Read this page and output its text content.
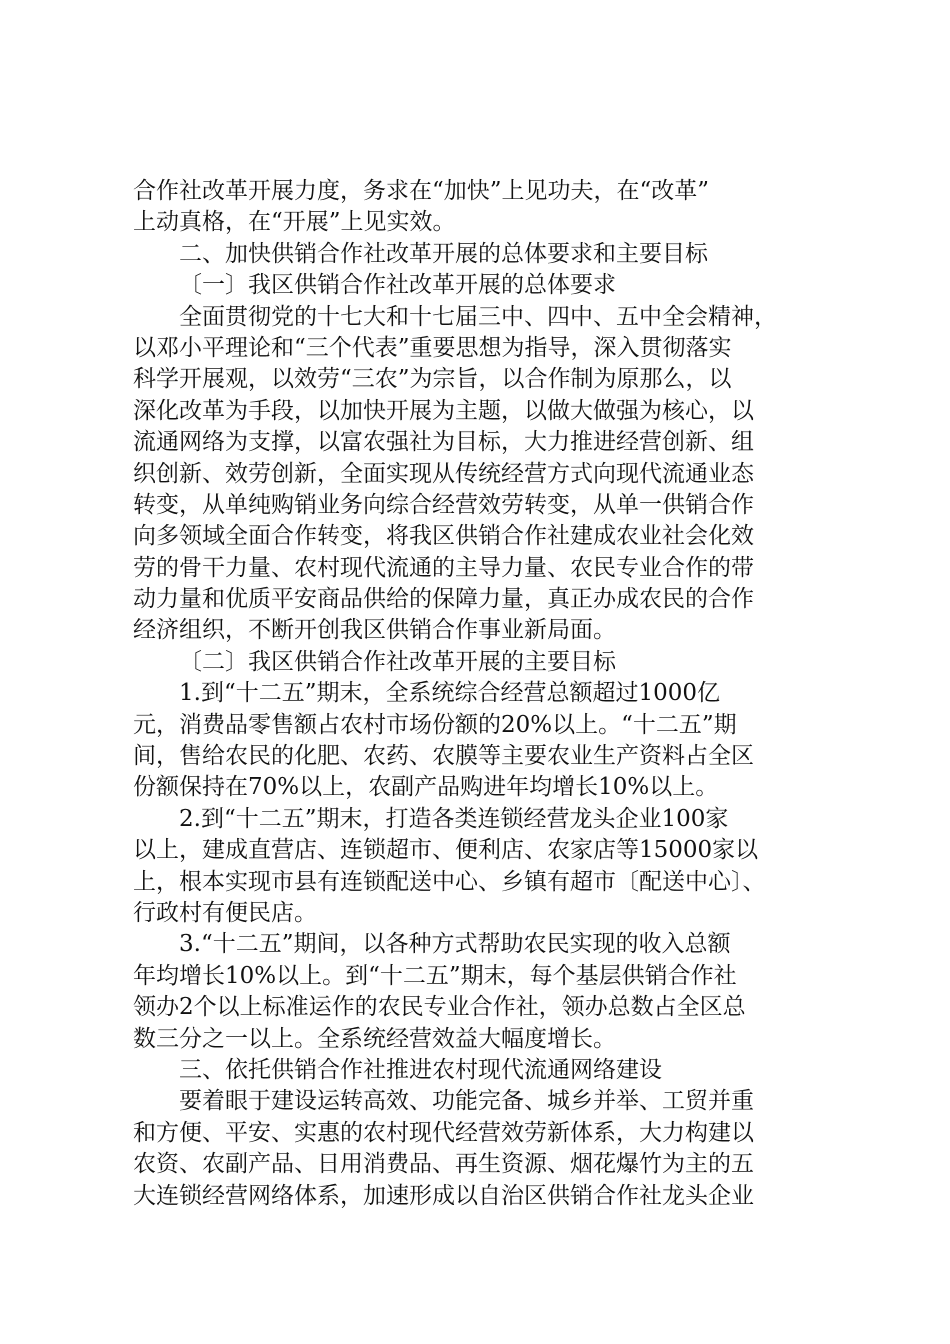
合作社改革开展力度，务求在“加快”上见功夫，在“改革”
上动真格，在“开展”上见实效。
二、加快供销合作社改革开展的总体要求和主要目标
〔一〕我区供销合作社改革开展的总体要求
全面贯彻党的十七大和十七届三中、四中、五中全会精神，
以邓小平理论和“三个代表”重要思想为指导，深入贯彻落实
科学开展观，以效劳“三农”为宗旨，以合作制为原那么，以
深化改革为手段，以加快开展为主题，以做大做强为核心，以
流通网络为支撑，以富农强社为目标，大力推进经营创新、组
织创新、效劳创新，全面实现从传统经营方式向现代流通业态
转变，从单纯购销业务向综合经营效劳转变，从单一供销合作
向多领域全面合作转变，将我区供销合作社建成农业社会化效
劳的骨干力量、农村现代流通的主导力量、农民专业合作的带
动力量和优质平安商品供给的保障力量，真正办成农民的合作
经济组织，不断开创我区供销合作事业新局面。
〔二〕我区供销合作社改革开展的主要目标
1.到“十二五”期末，全系统综合经营总额超过1000亿
元，消费品零售额占农村市场份额的20%以上。“十二五”期
间，售给农民的化肥、农药、农膜等主要农业生产资料占全区
份额保持在70%以上，农副产品购进年均增长10%以上。
2.到“十二五”期末，打造各类连锁经营龙头企业100家
以上，建成直营店、连锁超市、便利店、农家店等15000家以
上，根本实现市县有连锁配送中心、乡镇有超市〔配送中心〕、
行政村有便民店。
3.“十二五”期间，以各种方式帮助农民实现的收入总额
年均增长10%以上。到“十二五”期末，每个基层供销合作社
领办2个以上标准运作的农民专业合作社，领办总数占全区总
数三分之一以上。全系统经营效益大幅度增长。
三、依托供销合作社推进农村现代流通网络建设
要着眼于建设运转高效、功能完备、城乡并举、工贸并重
和方便、平安、实惠的农村现代经营效劳新体系，大力构建以
农资、农副产品、日用消费品、再生资源、烟花爆竹为主的五
大连锁经营网络体系，加速形成以自治区供销合作社龙头企业
